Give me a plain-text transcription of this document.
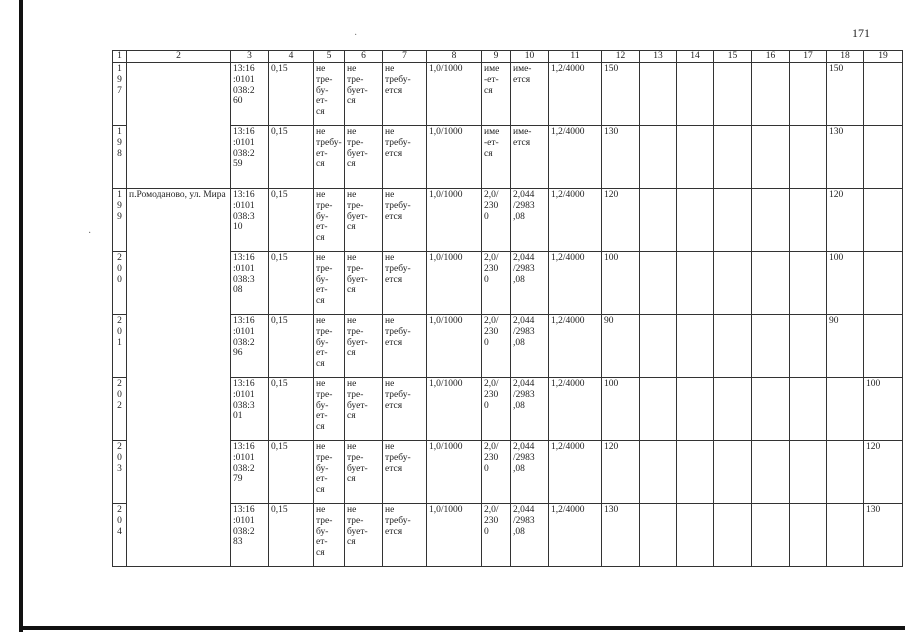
171
·
·
1	2	3	4	5	6	7	8	9	10	11	12	13	14	15	16	17	18	19
1
9
7		13:16
:0101
038:2
60	0,15	не
тре-
бу-
ет-
ся	не
тре-
бует-
ся	не
требу-
ется	1,0/1000	име
-ет-
ся	име-
ется	1,2/4000	150						150	
1
9
8		13:16
:0101
038:2
59	0,15	не
требу-
ет-
ся	не
тре-
бует-
ся	не
требу-
ется	1,0/1000	име
-ет-
ся	име-
ется	1,2/4000	130						130	
1
9
9	п.Ромоданово, ул. Мира	13:16
:0101
038:3
10	0,15	не
тре-
бу-
ет-
ся	не
тре-
бует-
ся	не
требу-
ется	1,0/1000	2,0/
230
0	2,044
/2983
,08	1,2/4000	120						120	
2
0
0		13:16
:0101
038:3
08	0,15	не
тре-
бу-
ет-
ся	не
тре-
бует-
ся	не
требу-
ется	1,0/1000	2,0/
230
0	2,044
/2983
,08	1,2/4000	100						100	
2
0
1		13:16
:0101
038:2
96	0,15	не
тре-
бу-
ет-
ся	не
тре-
бует-
ся	не
требу-
ется	1,0/1000	2,0/
230
0	2,044
/2983
,08	1,2/4000	90						90	
2
0
2		13:16
:0101
038:3
01	0,15	не
тре-
бу-
ет-
ся	не
тре-
бует-
ся	не
требу-
ется	1,0/1000	2,0/
230
0	2,044
/2983
,08	1,2/4000	100							100
2
0
3		13:16
:0101
038:2
79	0,15	не
тре-
бу-
ет-
ся	не
тре-
бует-
ся	не
требу-
ется	1,0/1000	2,0/
230
0	2,044
/2983
,08	1,2/4000	120							120
2
0
4		13:16
:0101
038:2
83	0,15	не
тре-
бу-
ет-
ся	не
тре-
бует-
ся	не
требу-
ется	1,0/1000	2,0/
230
0	2,044
/2983
,08	1,2/4000	130							130
